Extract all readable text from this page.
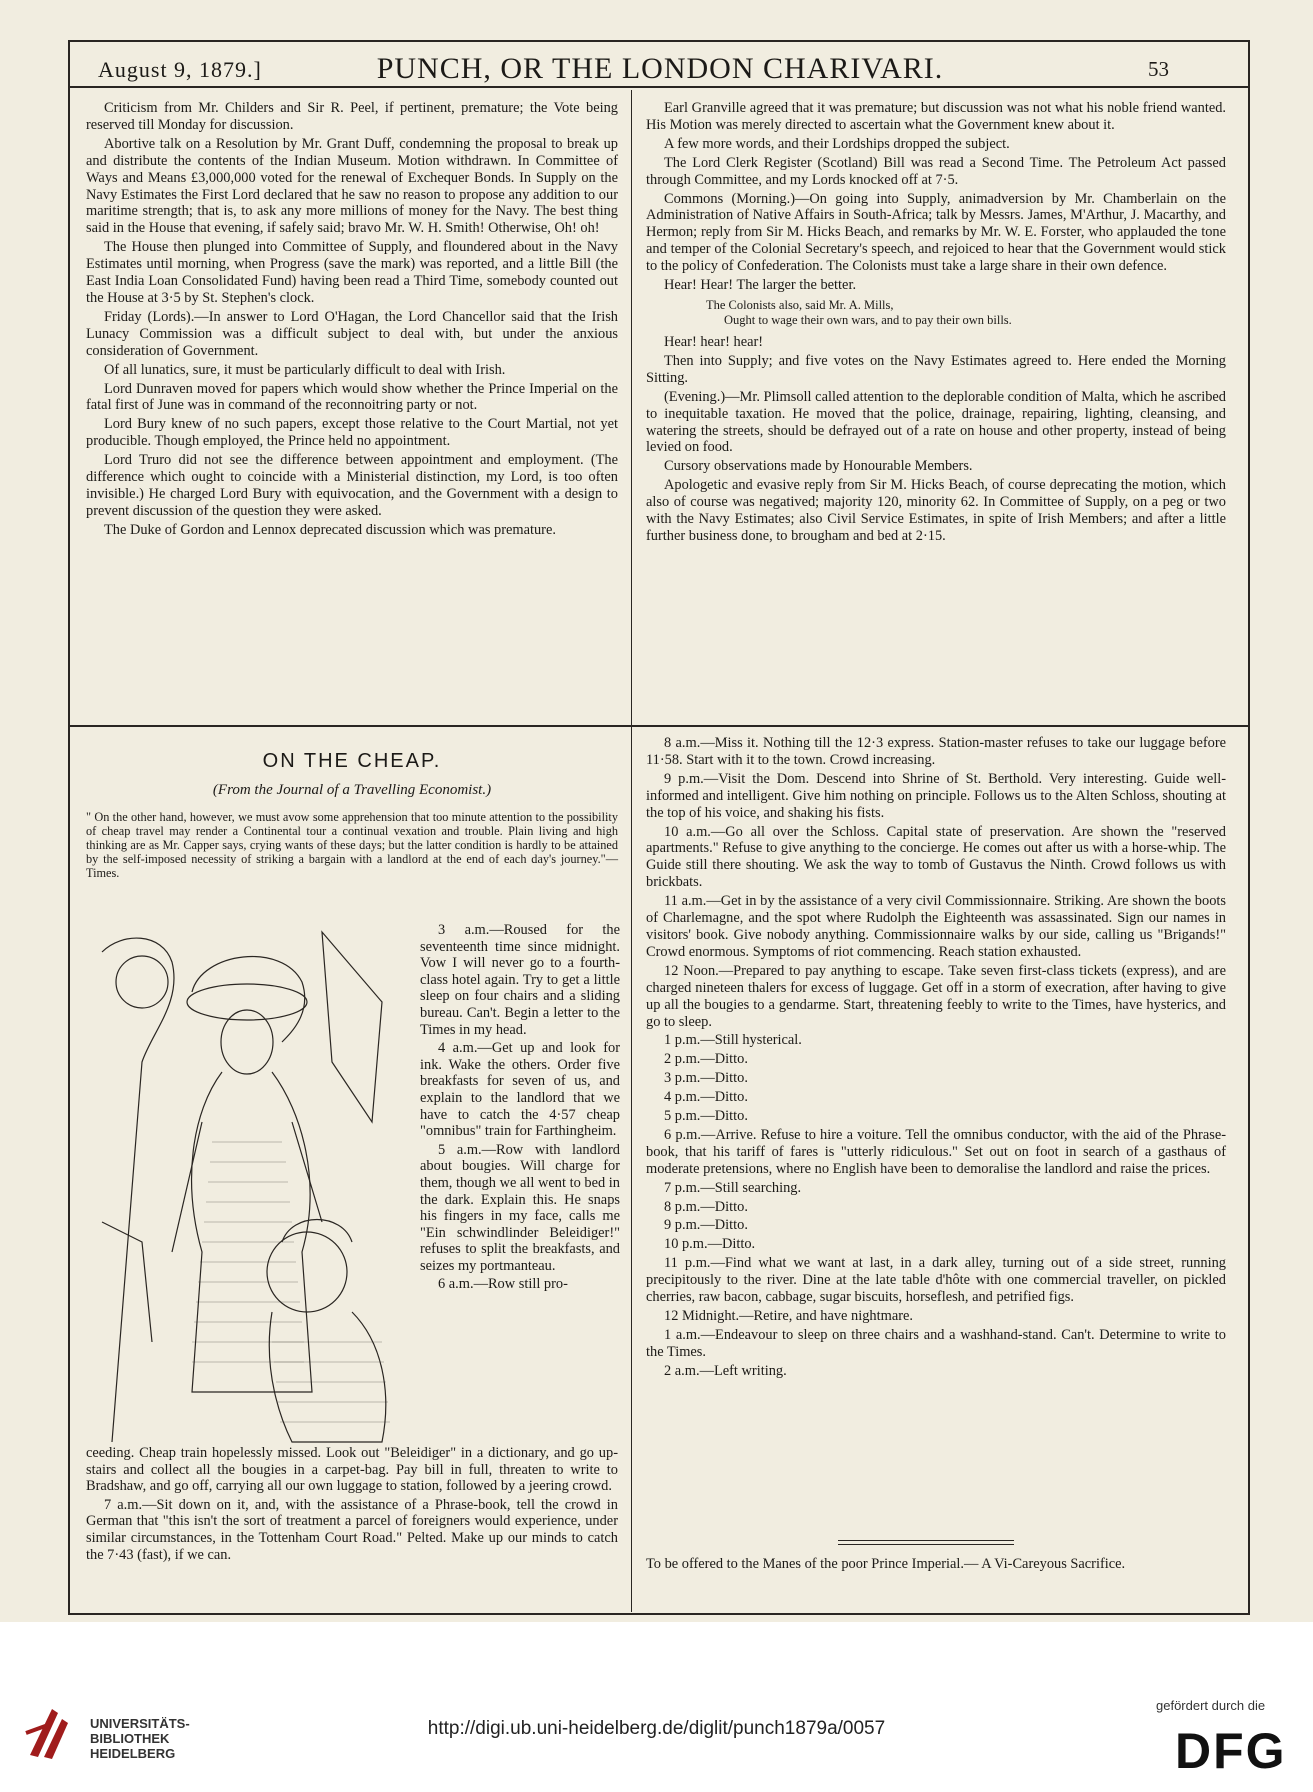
August 9, 1879.]	PUNCH, OR THE LONDON CHARIVARI.	53

Criticism from Mr. Childers and Sir R. Peel, if pertinent, premature; the Vote being reserved till Monday for discussion.

Abortive talk on a Resolution by Mr. Grant Duff, condemning the proposal to break up and distribute the contents of the Indian Museum. Motion withdrawn. In Committee of Ways and Means £3,000,000 voted for the renewal of Exchequer Bonds. In Supply on the Navy Estimates the First Lord declared that he saw no reason to propose any addition to our maritime strength; that is, to ask any more millions of money for the Navy. The best thing said in the House that evening, if safely said; bravo Mr. W. H. Smith! Otherwise, Oh! oh!

The House then plunged into Committee of Supply, and floundered about in the Navy Estimates until morning, when Progress (save the mark) was reported, and a little Bill (the East India Loan Consolidated Fund) having been read a Third Time, somebody counted out the House at 3·5 by St. Stephen's clock.

Friday (Lords).—In answer to Lord O'Hagan, the Lord Chancellor said that the Irish Lunacy Commission was a difficult subject to deal with, but under the anxious consideration of Government.

Of all lunatics, sure, it must be particularly difficult to deal with Irish.

Lord Dunraven moved for papers which would show whether the Prince Imperial on the fatal first of June was in command of the reconnoitring party or not.

Lord Bury knew of no such papers, except those relative to the Court Martial, not yet producible. Though employed, the Prince held no appointment.

Lord Truro did not see the difference between appointment and employment. (The difference which ought to coincide with a Ministerial distinction, my Lord, is too often invisible.) He charged Lord Bury with equivocation, and the Government with a design to prevent discussion of the question they were asked.

The Duke of Gordon and Lennox deprecated discussion which was premature.

Earl Granville agreed that it was premature; but discussion was not what his noble friend wanted. His Motion was merely directed to ascertain what the Government knew about it.

A few more words, and their Lordships dropped the subject.

The Lord Clerk Register (Scotland) Bill was read a Second Time. The Petroleum Act passed through Committee, and my Lords knocked off at 7·5.

Commons (Morning.)—On going into Supply, animadversion by Mr. Chamberlain on the Administration of Native Affairs in South-Africa; talk by Messrs. James, M'Arthur, J. Macarthy, and Hermon; reply from Sir M. Hicks Beach, and remarks by Mr. W. E. Forster, who applauded the tone and temper of the Colonial Secretary's speech, and rejoiced to hear that the Government would stick to the policy of Confederation. The Colonists must take a large share in their own defence.

Hear! Hear! The larger the better.

The Colonists also, said Mr. A. Mills,
Ought to wage their own wars, and to pay their own bills.

Hear! hear! hear!

Then into Supply; and five votes on the Navy Estimates agreed to. Here ended the Morning Sitting.

(Evening.)—Mr. Plimsoll called attention to the deplorable condition of Malta, which he ascribed to inequitable taxation. He moved that the police, drainage, repairing, lighting, cleansing, and watering the streets, should be defrayed out of a rate on house and other property, instead of being levied on food.

Cursory observations made by Honourable Members.

Apologetic and evasive reply from Sir M. Hicks Beach, of course deprecating the motion, which also of course was negatived; majority 120, minority 62. In Committee of Supply, on a peg or two with the Navy Estimates; also Civil Service Estimates, in spite of Irish Members; and after a little further business done, to brougham and bed at 2·15.

ON THE CHEAP.
(From the Journal of a Travelling Economist.)
" On the other hand, however, we must avow some apprehension that too minute attention to the possibility of cheap travel may render a Continental tour a continual vexation and trouble. Plain living and high thinking are as Mr. Capper says, crying wants of these days; but the latter condition is hardly to be attained by the self-imposed necessity of striking a bargain with a landlord at the end of each day's journey."—Times.

3 a.m.—Roused for the seventeenth time since midnight. Vow I will never go to a fourth-class hotel again. Try to get a little sleep on four chairs and a sliding bureau. Can't. Begin a letter to the Times in my head.

4 a.m.—Get up and look for ink. Wake the others. Order five breakfasts for seven of us, and explain to the landlord that we have to catch the 4·57 cheap "omnibus" train for Farthingheim.

5 a.m.—Row with landlord about bougies. Will charge for them, though we all went to bed in the dark. Explain this. He snaps his fingers in my face, calls me "Ein schwindlinder Beleidiger!" refuses to split the breakfasts, and seizes my portmanteau.

6 a.m.—Row still pro-

ceeding. Cheap train hopelessly missed. Look out "Beleidiger" in a dictionary, and go up-stairs and collect all the bougies in a carpet-bag. Pay bill in full, threaten to write to Bradshaw, and go off, carrying all our own luggage to station, followed by a jeering crowd.

7 a.m.—Sit down on it, and, with the assistance of a Phrase-book, tell the crowd in German that "this isn't the sort of treatment a parcel of foreigners would experience, under similar circumstances, in the Tottenham Court Road." Pelted. Make up our minds to catch the 7·43 (fast), if we can.

8 a.m.—Miss it. Nothing till the 12·3 express. Station-master refuses to take our luggage before 11·58. Start with it to the town. Crowd increasing.

9 p.m.—Visit the Dom. Descend into Shrine of St. Berthold. Very interesting. Guide well-informed and intelligent. Give him nothing on principle. Follows us to the Alten Schloss, shouting at the top of his voice, and shaking his fists.

10 a.m.—Go all over the Schloss. Capital state of preservation. Are shown the "reserved apartments." Refuse to give anything to the concierge. He comes out after us with a horse-whip. The Guide still there shouting. We ask the way to tomb of Gustavus the Ninth. Crowd follows us with brickbats.

11 a.m.—Get in by the assistance of a very civil Commissionnaire. Striking. Are shown the boots of Charlemagne, and the spot where Rudolph the Eighteenth was assassinated. Sign our names in visitors' book. Give nobody anything. Commissionnaire walks by our side, calling us "Brigands!" Crowd enormous. Symptoms of riot commencing. Reach station exhausted.

12 Noon.—Prepared to pay anything to escape. Take seven first-class tickets (express), and are charged nineteen thalers for excess of luggage. Get off in a storm of execration, after having to give up all the bougies to a gendarme. Start, threatening feebly to write to the Times, have hysterics, and go to sleep.

1 p.m.—Still hysterical.

2 p.m.—Ditto.

3 p.m.—Ditto.

4 p.m.—Ditto.

5 p.m.—Ditto.

6 p.m.—Arrive. Refuse to hire a voiture. Tell the omnibus conductor, with the aid of the Phrase-book, that his tariff of fares is "utterly ridiculous." Set out on foot in search of a gasthaus of moderate pretensions, where no English have been to demoralise the landlord and raise the prices.

7 p.m.—Still searching.

8 p.m.—Ditto.

9 p.m.—Ditto.

10 p.m.—Ditto.

11 p.m.—Find what we want at last, in a dark alley, turning out of a side street, running precipitously to the river. Dine at the late table d'hôte with one commercial traveller, on pickled cherries, raw bacon, cabbage, sugar biscuits, horseflesh, and petrified figs.

12 Midnight.—Retire, and have nightmare.

1 a.m.—Endeavour to sleep on three chairs and a washhand-stand. Can't. Determine to write to the Times.

2 a.m.—Left writing.

To be offered to the Manes of the poor Prince Imperial.— A Vi-Careyous Sacrifice.
UNIVERSITÄTS-
BIBLIOTHEK
HEIDELBERG
http://digi.ub.uni-heidelberg.de/diglit/punch1879a/0057
gefördert durch die
DFG
